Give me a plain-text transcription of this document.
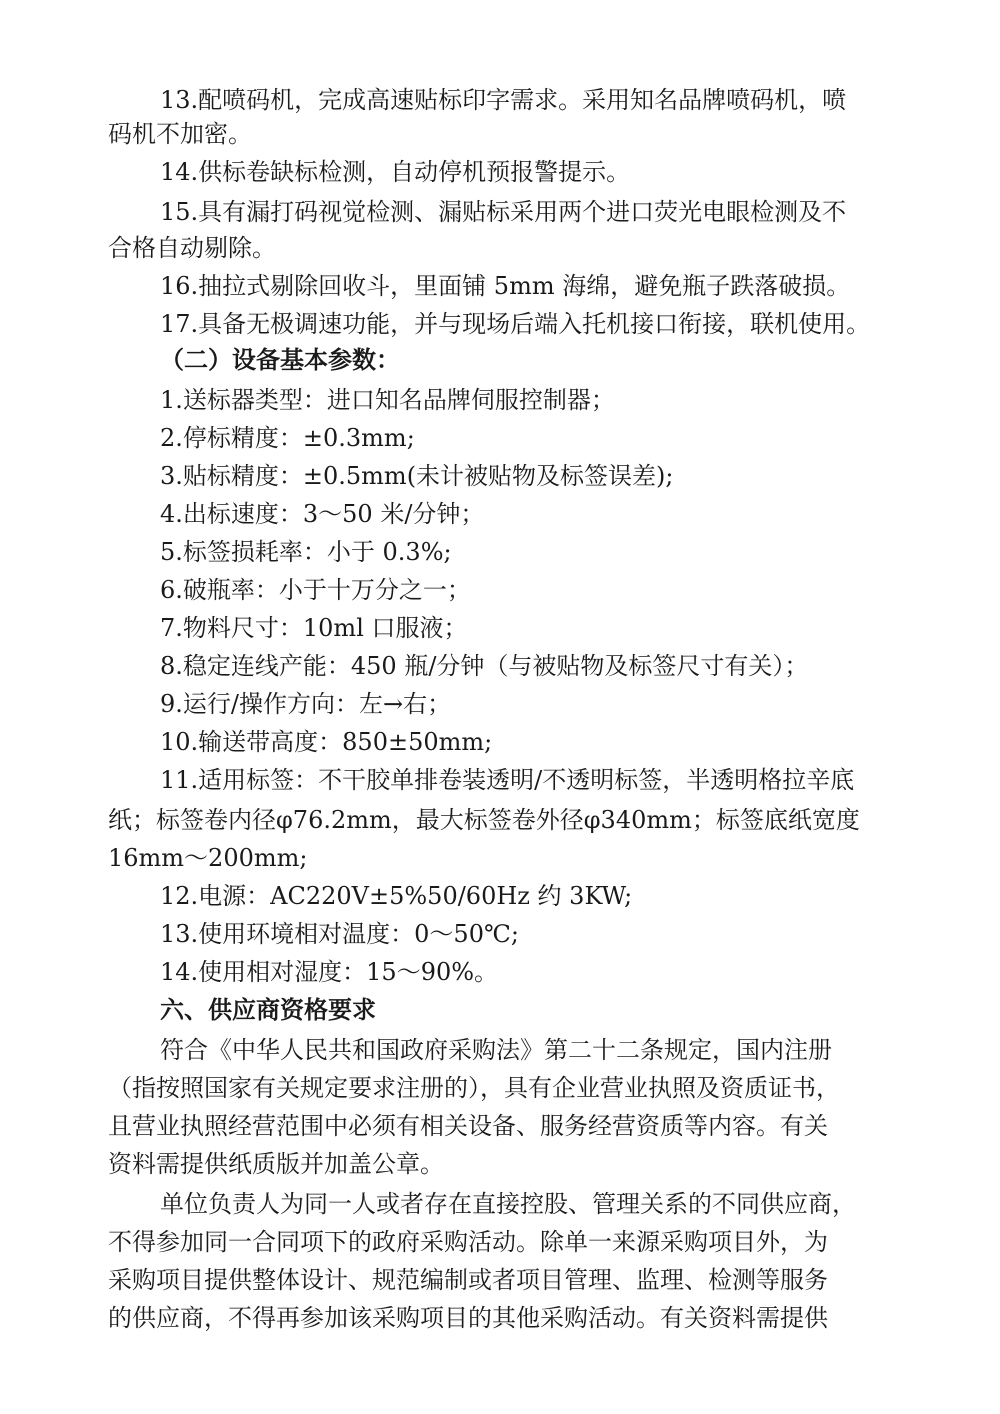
13.配喷码机，完成高速贴标印字需求。采用知名品牌喷码机，喷
码机不加密。
14.供标卷缺标检测，自动停机预报警提示。
15.具有漏打码视觉检测、漏贴标采用两个进口荧光电眼检测及不
合格自动剔除。
16.抽拉式剔除回收斗，里面铺 5mm 海绵，避免瓶子跌落破损。
17.具备无极调速功能，并与现场后端入托机接口衔接，联机使用。
（二）设备基本参数：
1.送标器类型：进口知名品牌伺服控制器；
2.停标精度：±0.3mm;
3.贴标精度：±0.5mm(未计被贴物及标签误差);
4.出标速度：3～50 米/分钟；
5.标签损耗率：小于 0.3%;
6.破瓶率：小于十万分之一；
7.物料尺寸：10ml 口服液；
8.稳定连线产能：450 瓶/分钟（与被贴物及标签尺寸有关）；
9.运行/操作方向：左→右；
10.输送带高度：850±50mm;
11.适用标签：不干胶单排卷装透明/不透明标签，半透明格拉辛底
纸；标签卷内径φ76.2mm，最大标签卷外径φ340mm；标签底纸宽度
16mm～200mm;
12.电源：AC220V±5%50/60Hz 约 3KW;
13.使用环境相对温度：0～50℃;
14.使用相对湿度：15～90%。
六、供应商资格要求
符合《中华人民共和国政府采购法》第二十二条规定，国内注册
（指按照国家有关规定要求注册的），具有企业营业执照及资质证书，
且营业执照经营范围中必须有相关设备、服务经营资质等内容。有关
资料需提供纸质版并加盖公章。
单位负责人为同一人或者存在直接控股、管理关系的不同供应商，
不得参加同一合同项下的政府采购活动。除单一来源采购项目外，为
采购项目提供整体设计、规范编制或者项目管理、监理、检测等服务
的供应商，不得再参加该采购项目的其他采购活动。有关资料需提供
